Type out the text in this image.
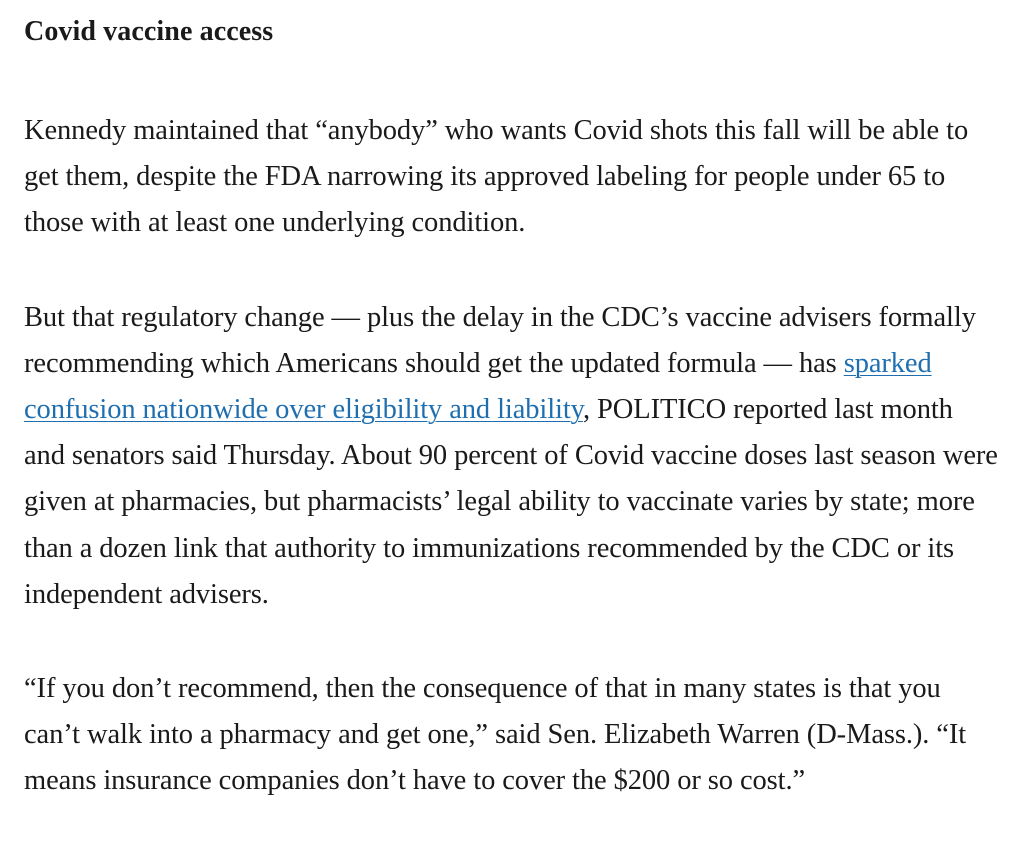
Covid vaccine access

Kennedy maintained that “anybody” who wants Covid shots this fall will be able to get them, despite the FDA narrowing its approved labeling for people under 65 to those with at least one underlying condition.

But that regulatory change — plus the delay in the CDC’s vaccine advisers formally recommending which Americans should get the updated formula — has sparked confusion nationwide over eligibility and liability, POLITICO reported last month and senators said Thursday. About 90 percent of Covid vaccine doses last season were given at pharmacies, but pharmacists’ legal ability to vaccinate varies by state; more than a dozen link that authority to immunizations recommended by the CDC or its independent advisers.

“If you don’t recommend, then the consequence of that in many states is that you can’t walk into a pharmacy and get one,” said Sen. Elizabeth Warren (D-Mass.). “It means insurance companies don’t have to cover the $200 or so cost.”
